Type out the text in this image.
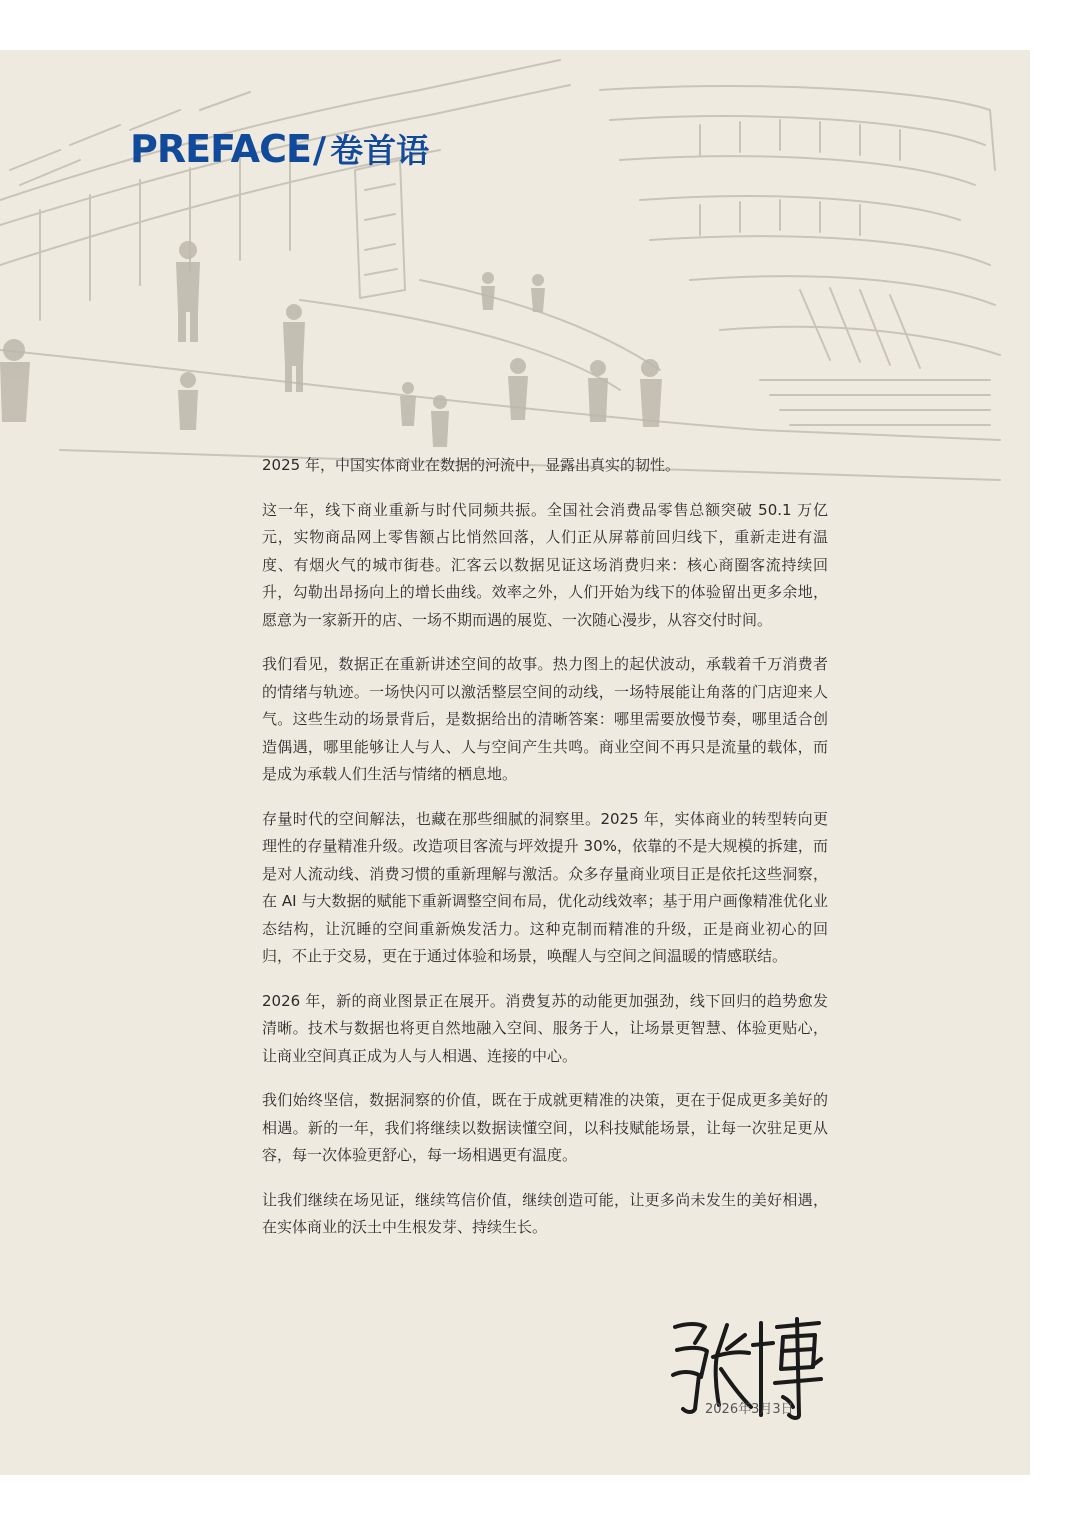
PREFACE/ 卷首语

2025 年，中国实体商业在数据的河流中，显露出真实的韧性。

这一年，线下商业重新与时代同频共振。全国社会消费品零售总额突破 50.1 万亿元，实物商品网上零售额占比悄然回落，人们正从屏幕前回归线下，重新走进有温度、有烟火气的城市街巷。汇客云以数据见证这场消费归来：核心商圈客流持续回升，勾勒出昂扬向上的增长曲线。效率之外，人们开始为线下的体验留出更多余地，愿意为一家新开的店、一场不期而遇的展览、一次随心漫步，从容交付时间。

我们看见，数据正在重新讲述空间的故事。热力图上的起伏波动，承载着千万消费者的情绪与轨迹。一场快闪可以激活整层空间的动线，一场特展能让角落的门店迎来人气。这些生动的场景背后，是数据给出的清晰答案：哪里需要放慢节奏，哪里适合创造偶遇，哪里能够让人与人、人与空间产生共鸣。商业空间不再只是流量的载体，而是成为承载人们生活与情绪的栖息地。

存量时代的空间解法，也藏在那些细腻的洞察里。2025 年，实体商业的转型转向更理性的存量精准升级。改造项目客流与坪效提升 30%，依靠的不是大规模的拆建，而是对人流动线、消费习惯的重新理解与激活。众多存量商业项目正是依托这些洞察，在 AI 与大数据的赋能下重新调整空间布局，优化动线效率；基于用户画像精准优化业态结构，让沉睡的空间重新焕发活力。这种克制而精准的升级，正是商业初心的回归，不止于交易，更在于通过体验和场景，唤醒人与空间之间温暖的情感联结。

2026 年，新的商业图景正在展开。消费复苏的动能更加强劲，线下回归的趋势愈发清晰。技术与数据也将更自然地融入空间、服务于人，让场景更智慧、体验更贴心，让商业空间真正成为人与人相遇、连接的中心。

我们始终坚信，数据洞察的价值，既在于成就更精准的决策，更在于促成更多美好的相遇。新的一年，我们将继续以数据读懂空间，以科技赋能场景，让每一次驻足更从容，每一次体验更舒心，每一场相遇更有温度。

让我们继续在场见证，继续笃信价值，继续创造可能，让更多尚未发生的美好相遇，在实体商业的沃土中生根发芽、持续生长。

2026年3月3日
